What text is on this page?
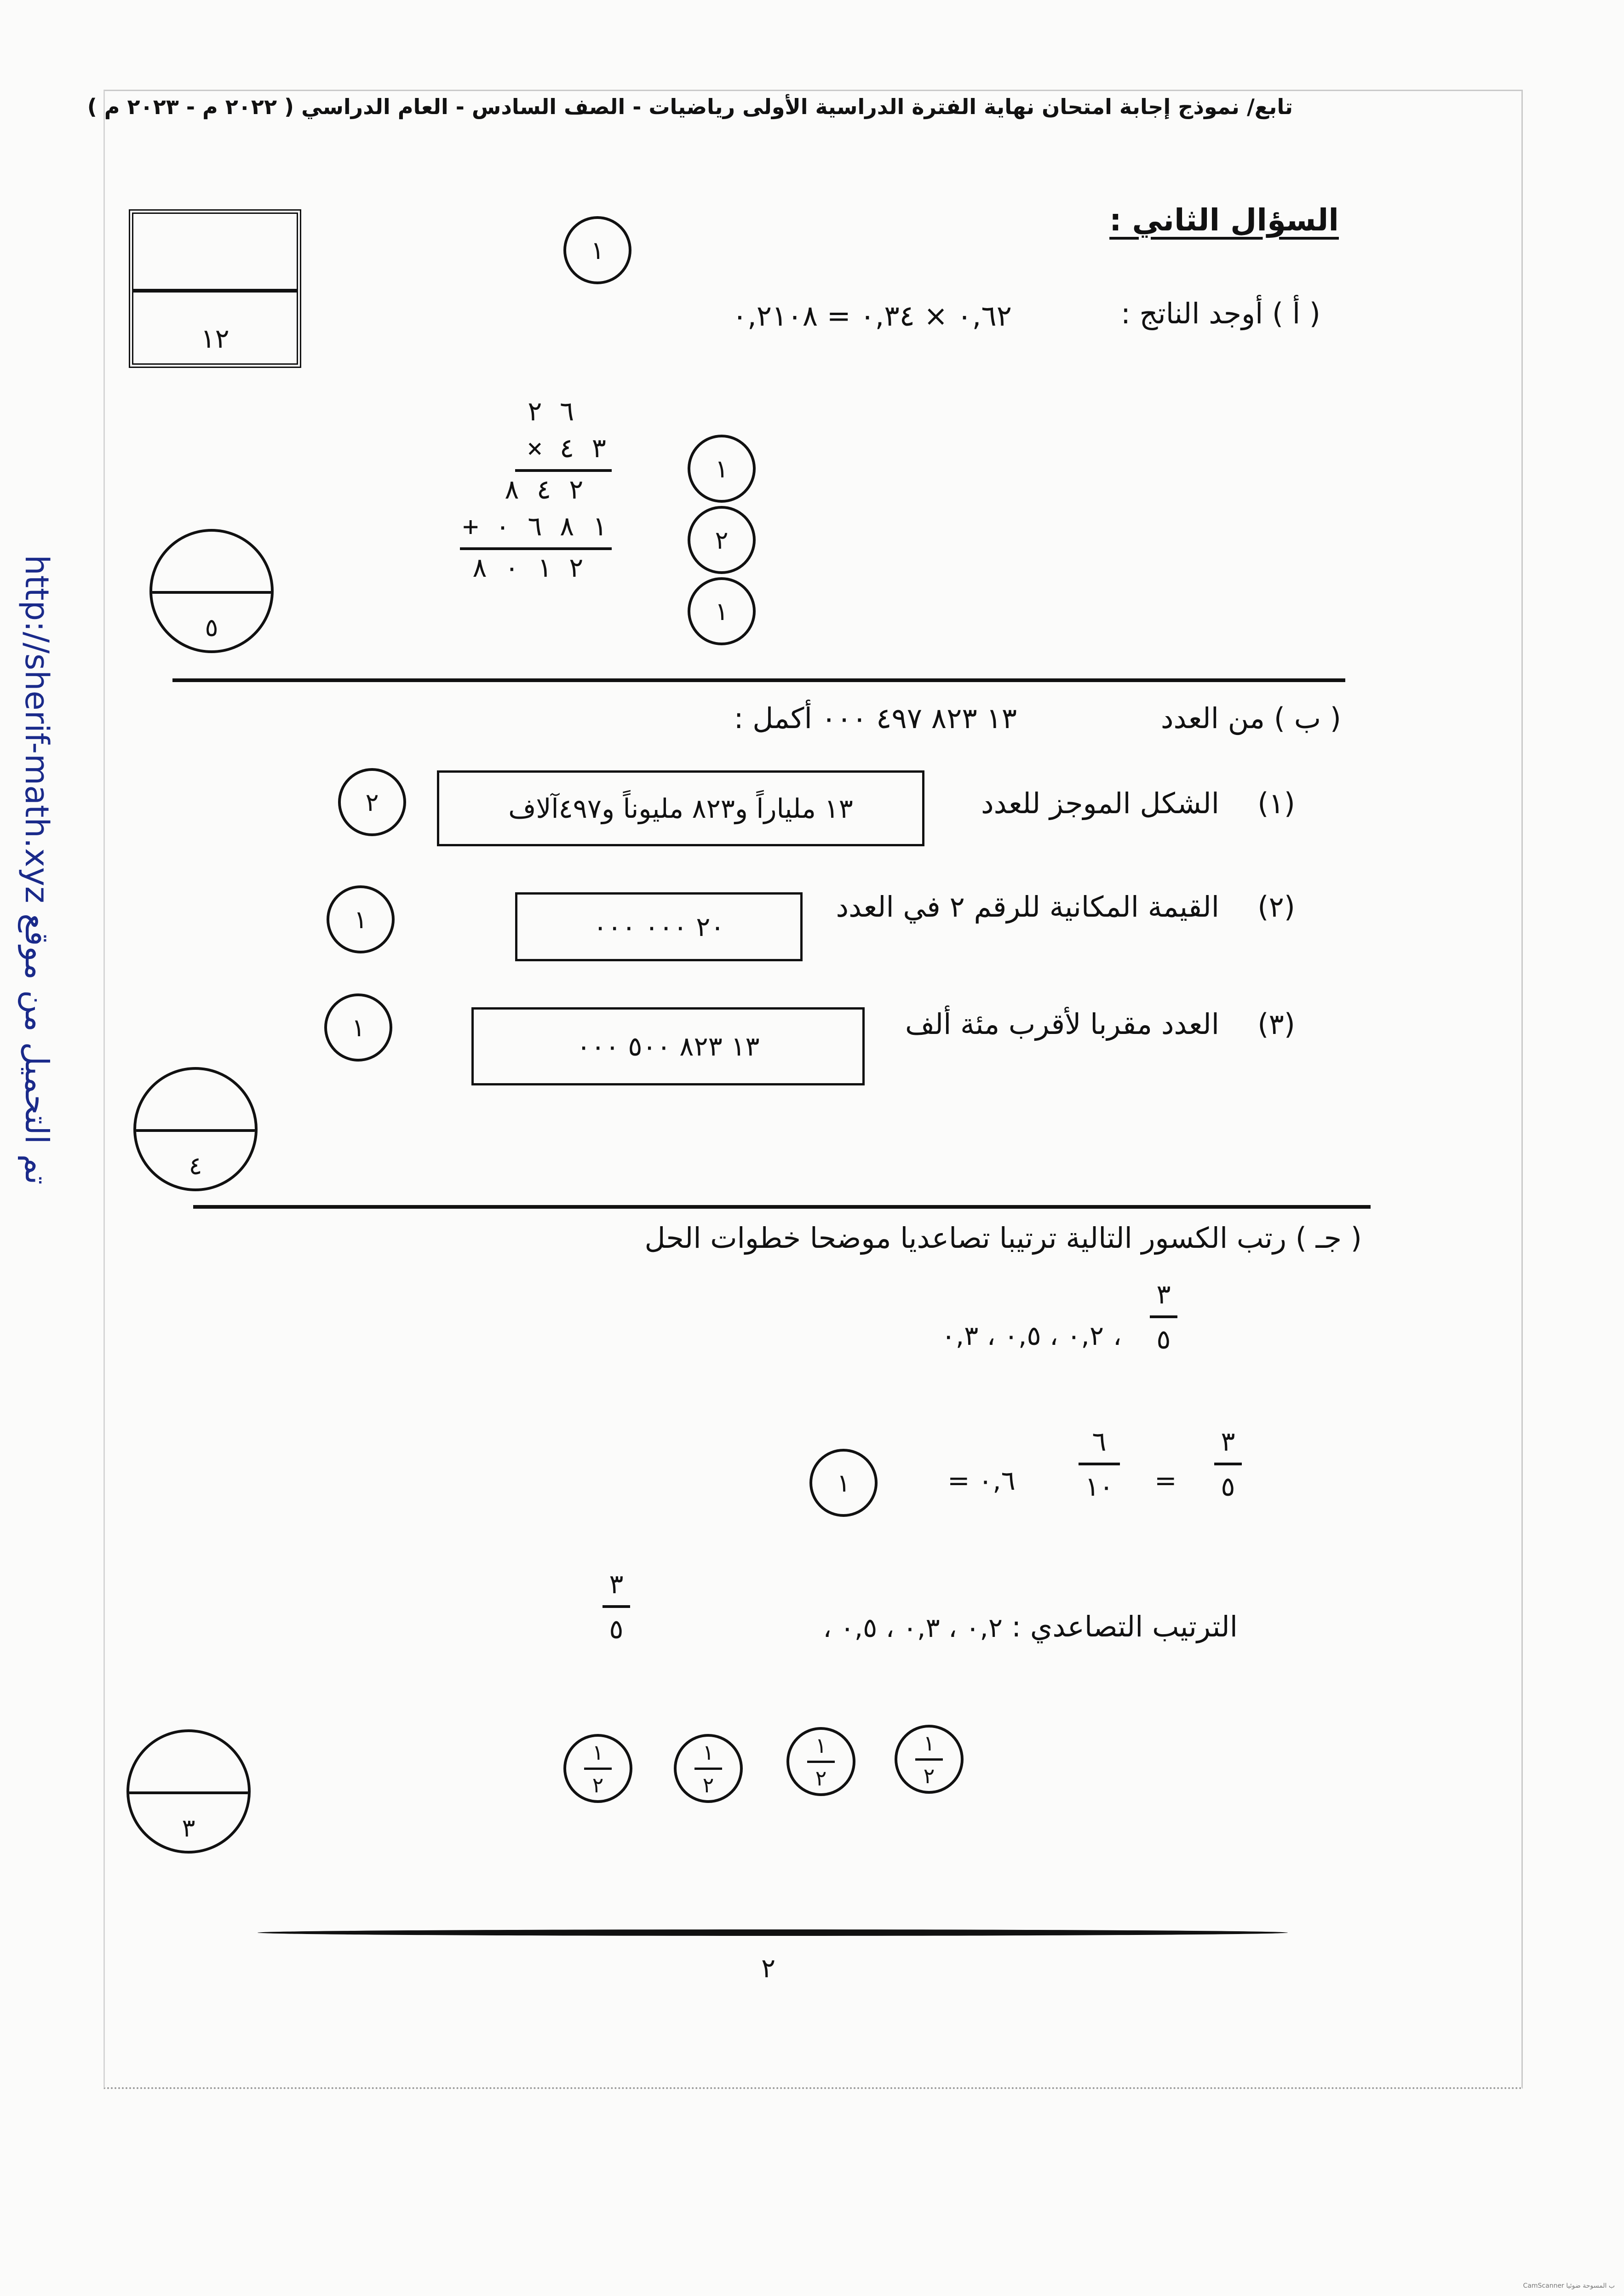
تابع/ نموذج إجابة امتحان نهاية الفترة الدراسية الأولى رياضيات - الصف السادس - العام الدراسي ( ٢٠٢٢ م - ٢٠٢٣ م )
السؤال الثاني :
١٢
١
( أ ) أوجد الناتج :
٠,٦٢ × ٠,٣٤ = ٠,٢١٠٨
٦ ٢
× ٣ ٤
٢ ٤ ٨
+ ١ ٨ ٦ ٠
٢ ١ ٠ ٨
١
٢
١
٥
( ب ) من العدد
١٣ ٨٢٣ ٤٩٧ ٠٠٠ أكمل :
(١)
الشكل الموجز للعدد
١٣ ملياراً و٨٢٣ مليوناً و٤٩٧آلاف
٢
(٢)
القيمة المكانية للرقم ٢ في العدد
٢٠ ٠٠٠ ٠٠٠
١
(٣)
العدد مقربا لأقرب مئة ألف
١٣ ٨٢٣ ٥٠٠ ٠٠٠
١
٤
( جـ ) رتب الكسور التالية ترتيبا تصاعديا موضحا خطوات الحل
٣
٥
،
٠,٢ ، ٠,٥ ، ٠,٣
١	٠,٦ =
٦
١٠ =
٣
٥
الترتيب التصاعدي :
٠,٢ ، ٠,٣ ، ٠,٥ ،
٣
٥
١
٢
١
٢
١
٢
١
٢
٣
٢
http://sherif-math.xyz تم التحميل من موقع
CamScanner ب المسوحة ضوئيا
